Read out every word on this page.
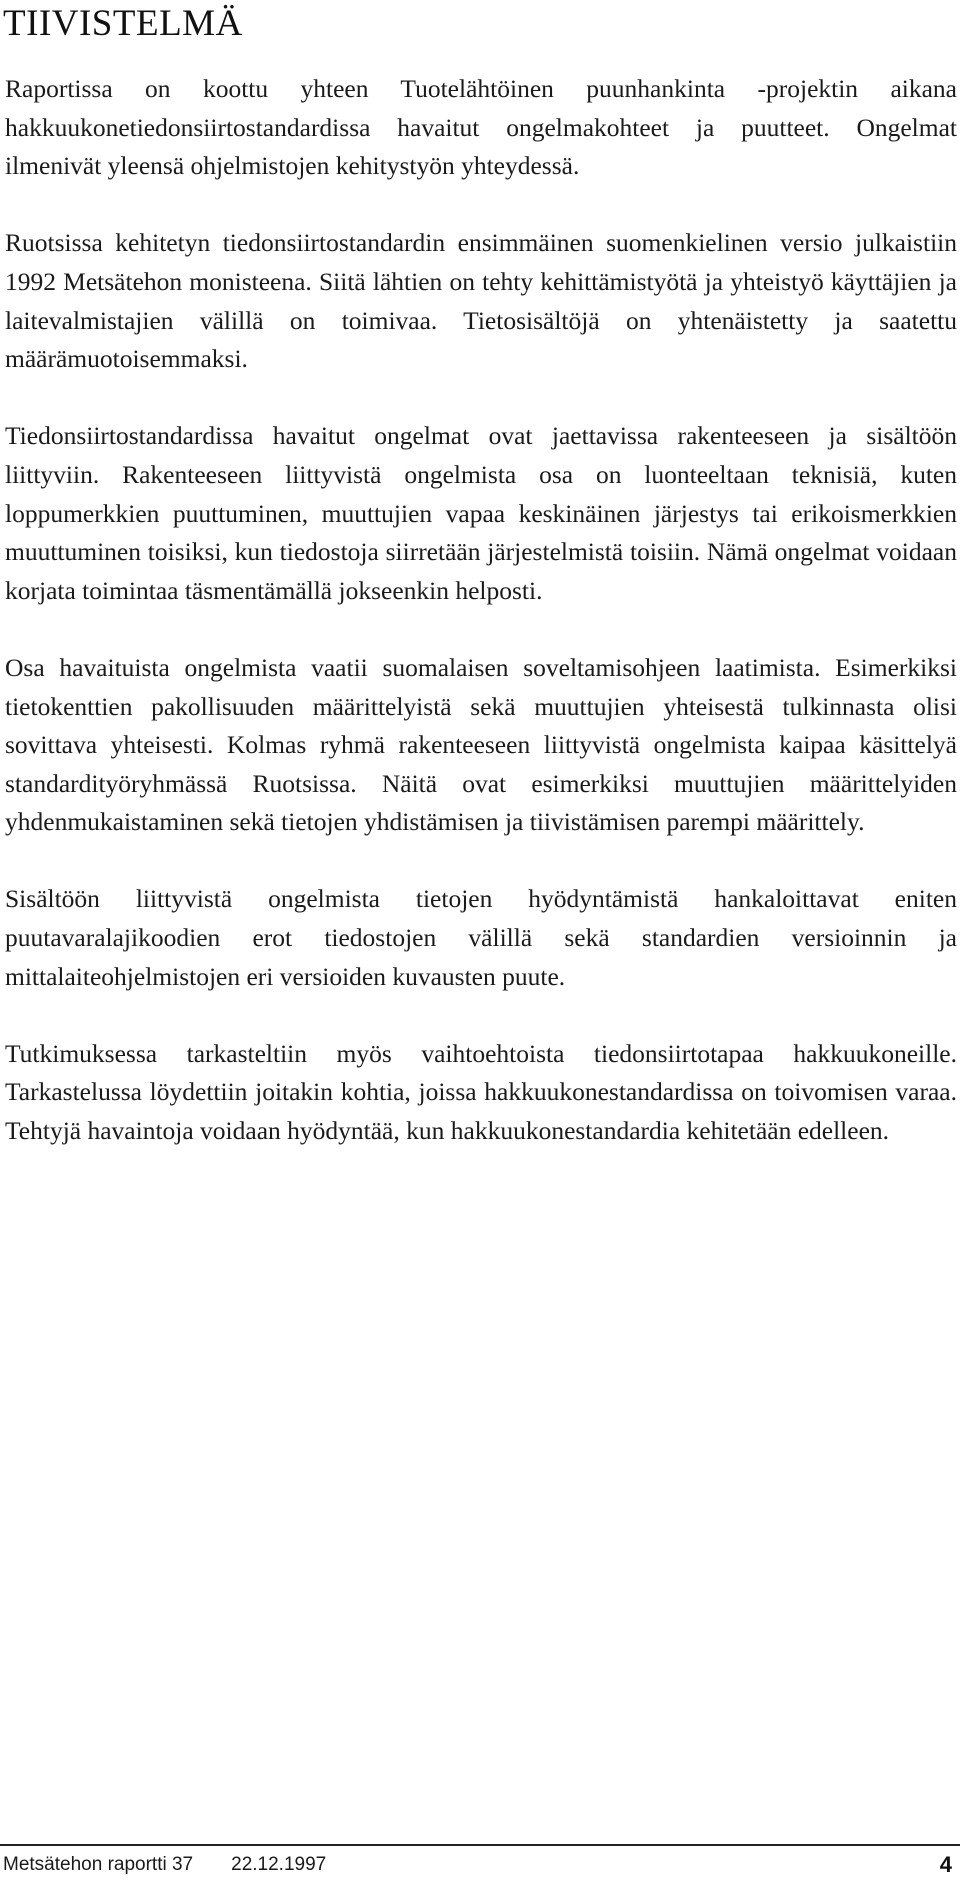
TIIVISTELMÄ

Raportissa on koottu yhteen Tuotelähtöinen puunhankinta -projektin aikana hakkuukonetiedonsiirtostandardissa havaitut ongelmakohteet ja puutteet. Ongelmat ilmenivät yleensä ohjelmistojen kehitystyön yhteydessä.

Ruotsissa kehitetyn tiedonsiirtostandardin ensimmäinen suomenkielinen versio julkaistiin 1992 Metsätehon monisteena. Siitä lähtien on tehty kehittämistyötä ja yhteistyö käyttäjien ja laitevalmistajien välillä on toimivaa. Tietosisältöjä on yhtenäistetty ja saatettu määrämuotoisemmaksi.

Tiedonsiirtostandardissa havaitut ongelmat ovat jaettavissa rakenteeseen ja sisältöön liittyviin. Rakenteeseen liittyvistä ongelmista osa on luonteeltaan teknisiä, kuten loppumerkkien puuttuminen, muuttujien vapaa keskinäinen järjestys tai erikoismerkkien muuttuminen toisiksi, kun tiedostoja siirretään järjestelmistä toisiin. Nämä ongelmat voidaan korjata toimintaa täsmentämällä jokseenkin helposti.

Osa havaituista ongelmista vaatii suomalaisen soveltamisohjeen laatimista. Esimerkiksi tietokenttien pakollisuuden määrittelyistä sekä muuttujien yhteisestä tulkinnasta olisi sovittava yhteisesti. Kolmas ryhmä rakenteeseen liittyvistä ongelmista kaipaa käsittelyä standardityöryhmässä Ruotsissa. Näitä ovat esimerkiksi muuttujien määrittelyiden yhdenmukaistaminen sekä tietojen yhdistämisen ja tiivistämisen parempi määrittely.

Sisältöön liittyvistä ongelmista tietojen hyödyntämistä hankaloittavat eniten puutavaralajikoodien erot tiedostojen välillä sekä standardien versioinnin ja mittalaiteohjelmistojen eri versioiden kuvausten puute.

Tutkimuksessa tarkasteltiin myös vaihtoehtoista tiedonsiirtotapaa hakkuukoneille. Tarkastelussa löydettiin joitakin kohtia, joissa hakkuukonestandardissa on toivomisen varaa. Tehtyjä havaintoja voidaan hyödyntää, kun hakkuukonestandardia kehitetään edelleen.

Metsätehon raportti 37 22.12.1997	4
